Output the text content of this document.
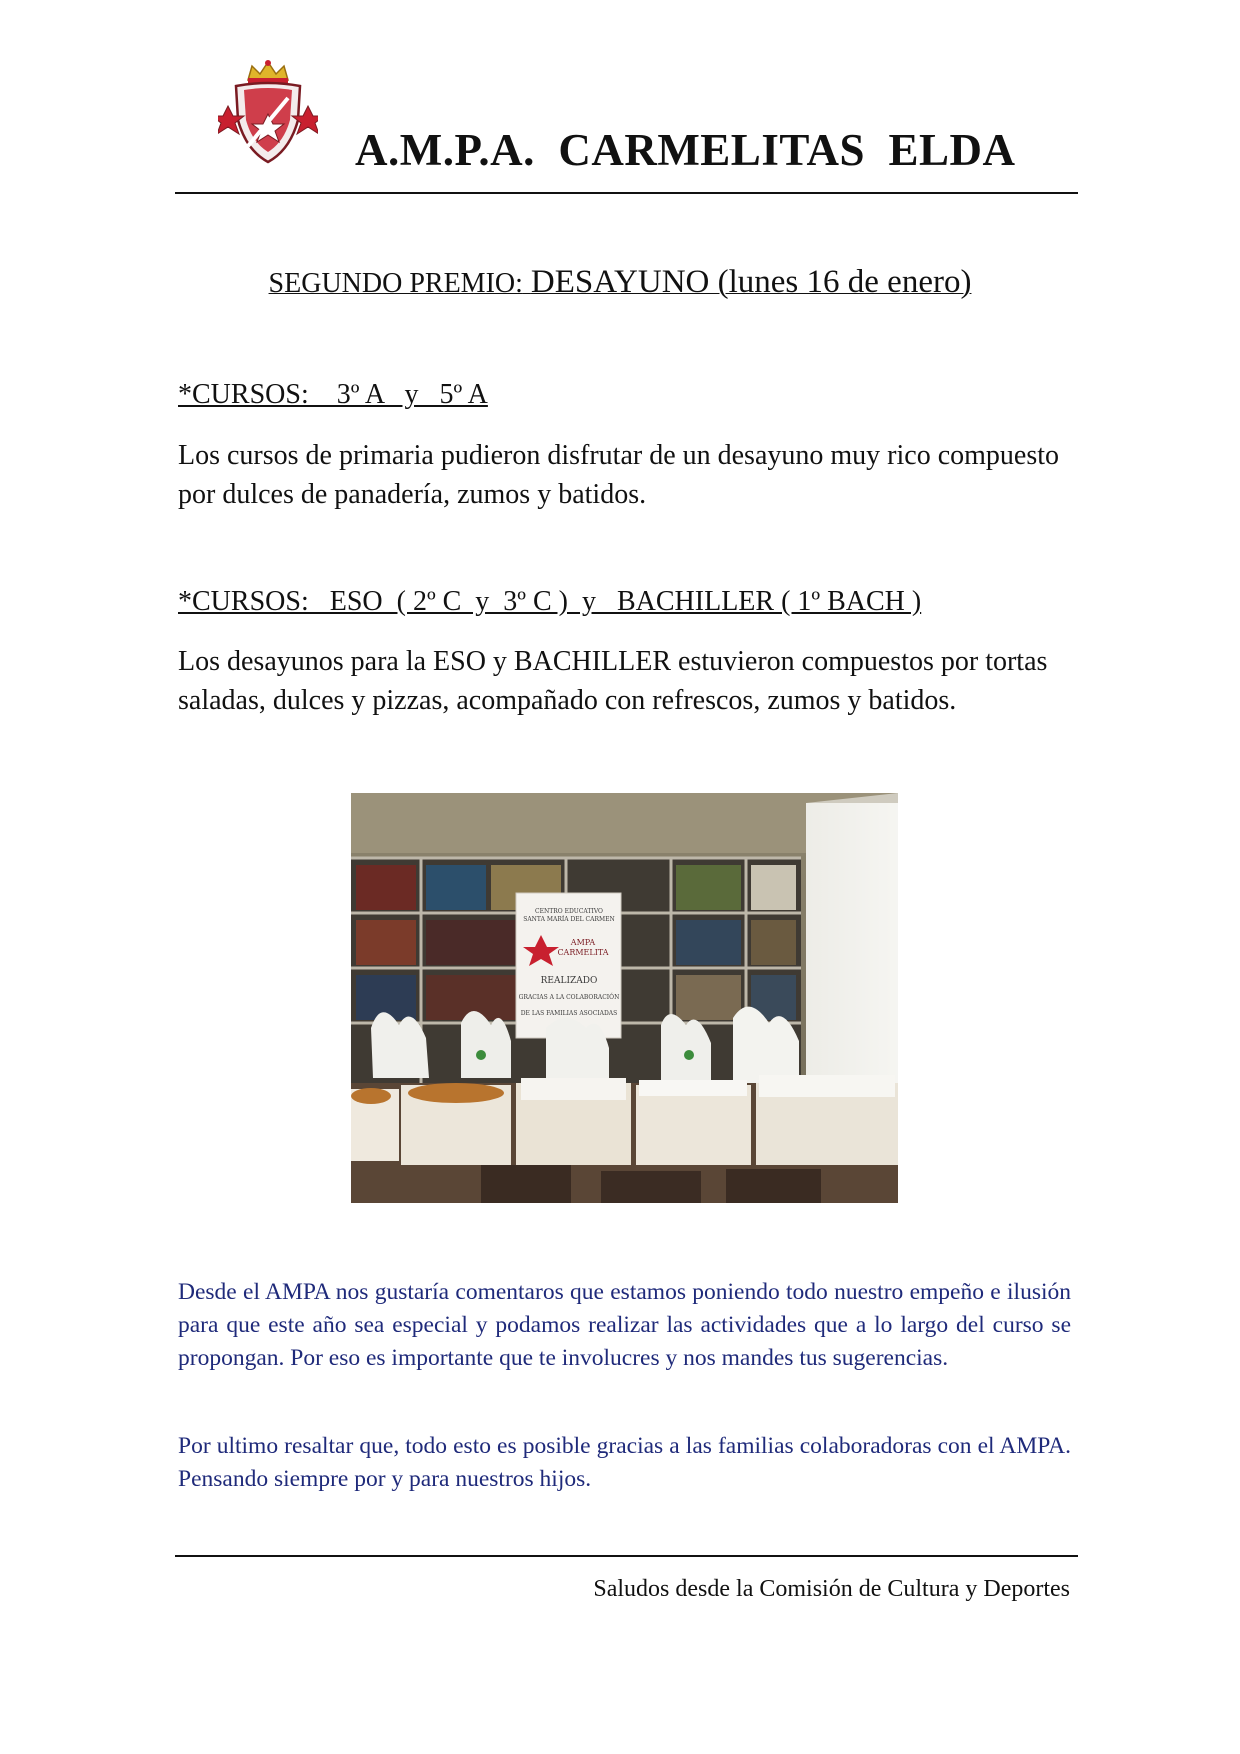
A.M.P.A.  CARMELITAS  ELDA
SEGUNDO PREMIO: DESAYUNO (lunes 16 de enero)
*CURSOS:    3º A   y   5º A
Los cursos de primaria pudieron disfrutar de un desayuno muy rico compuesto por dulces de panadería, zumos y batidos.
*CURSOS:   ESO  ( 2º C  y  3º C )  y   BACHILLER ( 1º BACH )
Los desayunos para la ESO y BACHILLER estuvieron compuestos por tortas saladas, dulces y pizzas, acompañado con refrescos, zumos y batidos.
CENTRO EDUCATIVO
SANTA MARÍA DEL CARMEN
AMPA
CARMELITA
REALIZADO
GRACIAS A LA COLABORACIÓN
DE LAS FAMILIAS ASOCIADAS
Desde el AMPA nos gustaría comentaros que estamos poniendo todo nuestro empeño e ilusión para que este año sea especial y podamos realizar las actividades que a lo largo del curso se propongan. Por eso es importante que te involucres y nos mandes tus sugerencias.
Por ultimo resaltar que, todo esto es posible gracias a las familias colaboradoras con el AMPA. Pensando siempre por y para nuestros hijos.
Saludos desde la Comisión de Cultura y Deportes
